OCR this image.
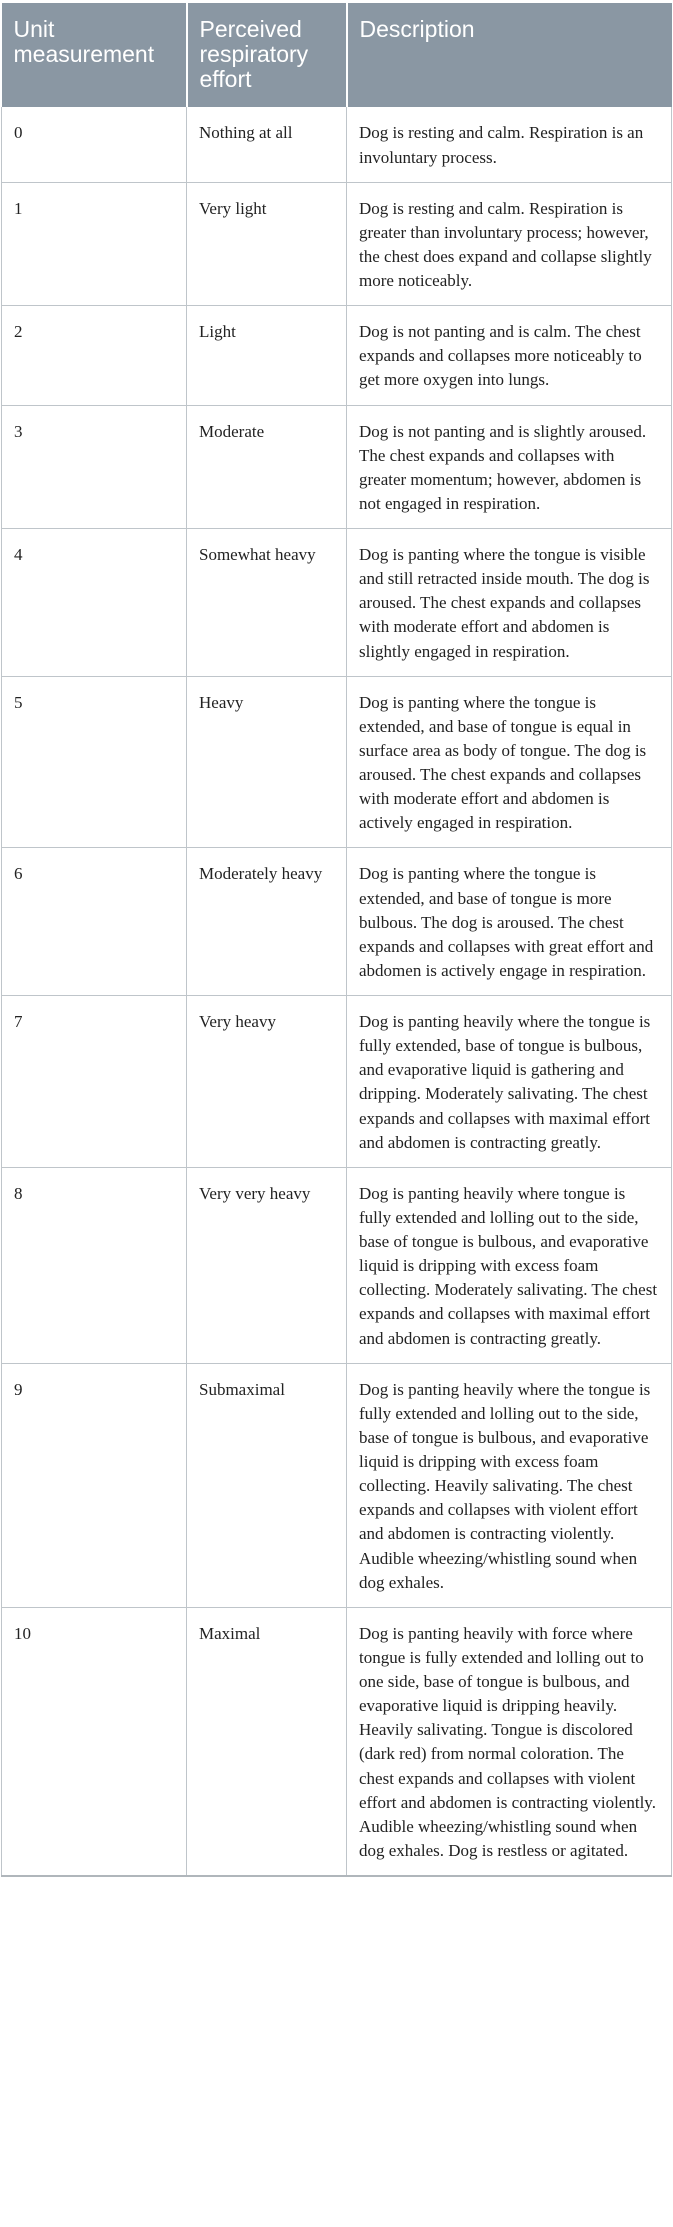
Unit measurement	Perceived respiratory effort	Description
0	Nothing at all	Dog is resting and calm. Respiration is an involuntary process.
1	Very light	Dog is resting and calm. Respiration is greater than involuntary process; however, the chest does expand and collapse slightly more noticeably.
2	Light	Dog is not panting and is calm. The chest expands and collapses more noticeably to get more oxygen into lungs.
3	Moderate	Dog is not panting and is slightly aroused. The chest expands and collapses with greater momentum; however, abdomen is not engaged in respiration.
4	Somewhat heavy	Dog is panting where the tongue is visible and still retracted inside mouth. The dog is aroused. The chest expands and collapses with moderate effort and abdomen is slightly engaged in respiration.
5	Heavy	Dog is panting where the tongue is extended, and base of tongue is equal in surface area as body of tongue. The dog is aroused. The chest expands and collapses with moderate effort and abdomen is actively engaged in respiration.
6	Moderately heavy	Dog is panting where the tongue is extended, and base of tongue is more bulbous. The dog is aroused. The chest expands and collapses with great effort and abdomen is actively engage in respiration.
7	Very heavy	Dog is panting heavily where the tongue is fully extended, base of tongue is bulbous, and evaporative liquid is gathering and dripping. Moderately salivating. The chest expands and collapses with maximal effort and abdomen is contracting greatly.
8	Very very heavy	Dog is panting heavily where tongue is fully extended and lolling out to the side, base of tongue is bulbous, and evaporative liquid is dripping with excess foam collecting. Moderately salivating. The chest expands and collapses with maximal effort and abdomen is contracting greatly.
9	Submaximal	Dog is panting heavily where the tongue is fully extended and lolling out to the side, base of tongue is bulbous, and evaporative liquid is dripping with excess foam collecting. Heavily salivating. The chest expands and collapses with violent effort and abdomen is contracting violently. Audible wheezing/whistling sound when dog exhales.
10	Maximal	Dog is panting heavily with force where tongue is fully extended and lolling out to one side, base of tongue is bulbous, and evaporative liquid is dripping heavily. Heavily salivating. Tongue is discolored (dark red) from normal coloration. The chest expands and collapses with violent effort and abdomen is contracting violently. Audible wheezing/whistling sound when dog exhales. Dog is restless or agitated.
